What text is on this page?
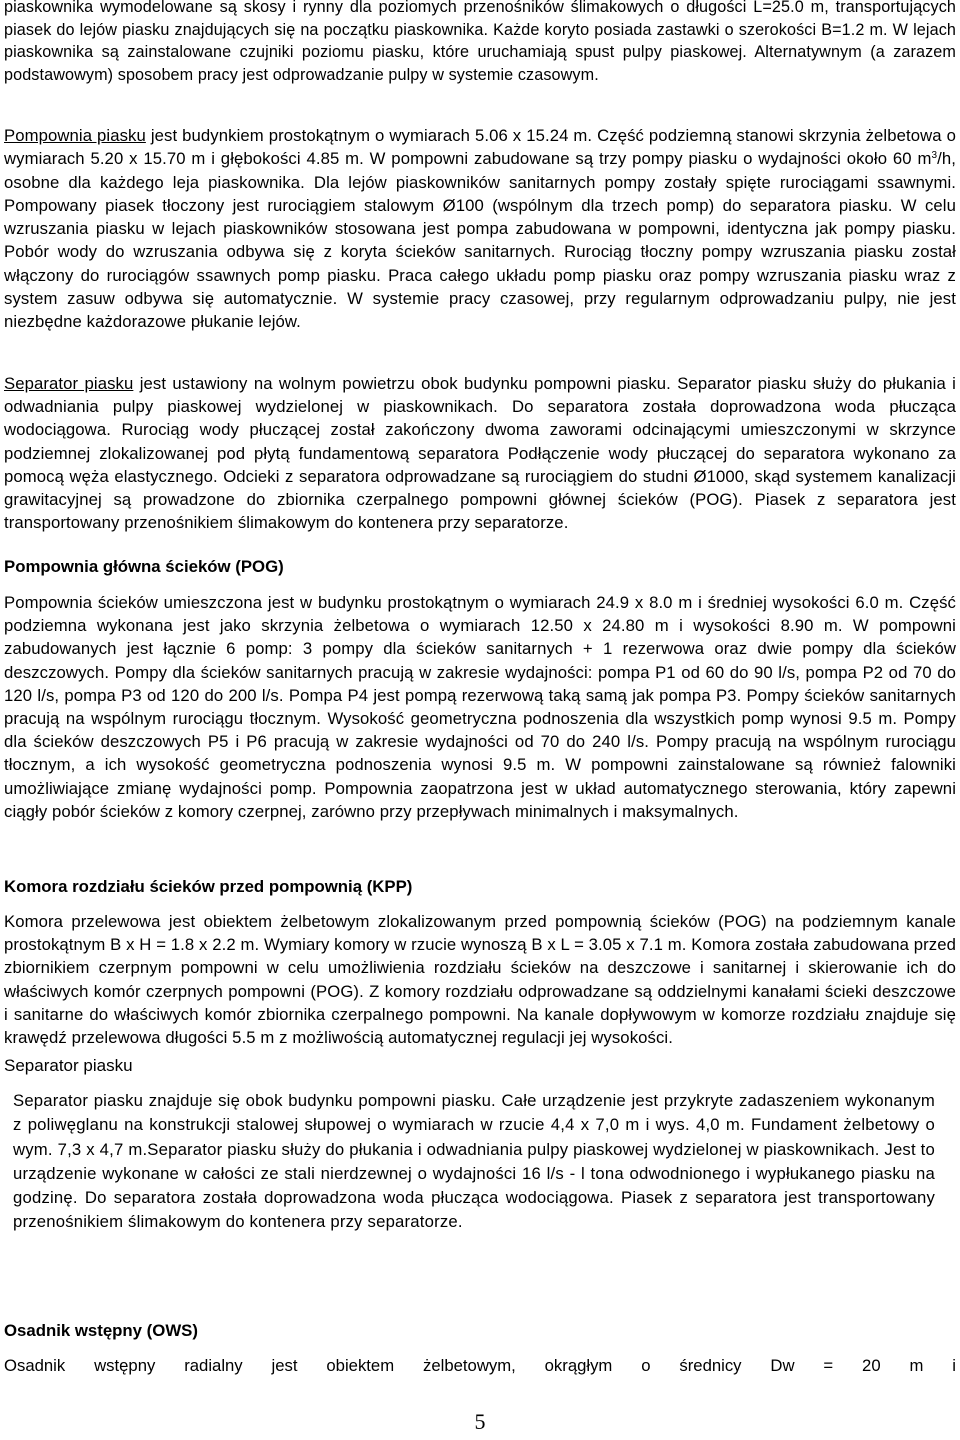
piaskownika wymodelowane są skosy i rynny dla poziomych przenośników ślimakowych o długości L=25.0 m, transportujących piasek do lejów piasku znajdujących się na początku piaskownika. Każde koryto posiada zastawki o szerokości B=1.2 m. W lejach piaskownika są zainstalowane czujniki poziomu piasku, które uruchamiają spust pulpy piaskowej. Alternatywnym (a zarazem podstawowym) sposobem pracy jest odprowadzanie pulpy w systemie czasowym.

Pompownia piasku jest budynkiem prostokątnym o wymiarach 5.06 x 15.24 m. Część podziemną stanowi skrzynia żelbetowa o wymiarach 5.20 x 15.70 m i głębokości 4.85 m. W pompowni zabudowane są trzy pompy piasku o wydajności około 60 $m^3/h$, osobne dla każdego leja piaskownika. Dla lejów piaskowników sanitarnych pompy zostały spięte rurociągami ssawnymi. Pompowany piasek tłoczony jest rurociągiem stalowym Ø100 (wspólnym dla trzech pomp) do separatora piasku. W celu wzruszania piasku w lejach piaskowników stosowana jest pompa zabudowana w pompowni, identyczna jak pompy piasku. Pobór wody do wzruszania odbywa się z koryta ścieków sanitarnych. Rurociąg tłoczny pompy wzruszania piasku został włączony do rurociągów ssawnych pomp piasku. Praca całego układu pomp piasku oraz pompy wzruszania piasku wraz z system zasuw odbywa się automatycznie. W systemie pracy czasowej, przy regularnym odprowadzaniu pulpy, nie jest niezbędne każdorazowe płukanie lejów.

Separator piasku jest ustawiony na wolnym powietrzu obok budynku pompowni piasku. Separator piasku służy do płukania i odwadniania pulpy piaskowej wydzielonej w piaskownikach. Do separatora została doprowadzona woda płucząca wodociągowa. Rurociąg wody płuczącej został zakończony dwoma zaworami odcinającymi umieszczonymi w skrzynce podziemnej zlokalizowanej pod płytą fundamentową separatora Podłączenie wody płuczącej do separatora wykonano za pomocą węża elastycznego. Odcieki z separatora odprowadzane są rurociągiem do studni Ø1000, skąd systemem kanalizacji grawitacyjnej są prowadzone do zbiornika czerpalnego pompowni głównej ścieków (POG). Piasek z separatora jest transportowany przenośnikiem ślimakowym do kontenera przy separatorze.

Pompownia główna ścieków (POG)

Pompownia ścieków umieszczona jest w budynku prostokątnym o wymiarach 24.9 x 8.0 m i średniej wysokości 6.0 m. Część podziemna wykonana jest jako skrzynia żelbetowa o wymiarach 12.50 x 24.80 m i wysokości 8.90 m. W pompowni zabudowanych jest łącznie 6 pomp: 3 pompy dla ścieków sanitarnych + 1 rezerwowa oraz dwie pompy dla ścieków deszczowych. Pompy dla ścieków sanitarnych pracują w zakresie wydajności: pompa P1 od 60 do 90 l/s, pompa P2 od 70 do 120 l/s, pompa P3 od 120 do 200 l/s. Pompa P4 jest pompą rezerwową taką samą jak pompa P3. Pompy ścieków sanitarnych pracują na wspólnym rurociągu tłocznym. Wysokość geometryczna podnoszenia dla wszystkich pomp wynosi 9.5 m. Pompy dla ścieków deszczowych P5 i P6 pracują w zakresie wydajności od 70 do 240 l/s. Pompy pracują na wspólnym rurociągu tłocznym, a ich wysokość geometryczna podnoszenia wynosi 9.5 m. W pompowni zainstalowane są również falowniki umożliwiające zmianę wydajności pomp. Pompownia zaopatrzona jest w układ automatycznego sterowania, który zapewni ciągły pobór ścieków z komory czerpnej, zarówno przy przepływach minimalnych i maksymalnych.

Komora rozdziału ścieków przed pompownią (KPP)

Komora przelewowa jest obiektem żelbetowym zlokalizowanym przed pompownią ścieków (POG) na podziemnym kanale prostokątnym B x H = 1.8 x 2.2 m. Wymiary komory w rzucie wynoszą B x L = 3.05 x 7.1 m. Komora została zabudowana przed zbiornikiem czerpnym pompowni w celu umożliwienia rozdziału ścieków na deszczowe i sanitarnej i skierowanie ich do właściwych komór czerpnych pompowni (POG). Z komory rozdziału odprowadzane są oddzielnymi kanałami ścieki deszczowe i sanitarne do właściwych komór zbiornika czerpalnego pompowni. Na kanale dopływowym w komorze rozdziału znajduje się krawędź przelewowa długości 5.5 m z możliwością automatycznej regulacji jej wysokości.

Separator piasku

Separator piasku znajduje się obok budynku pompowni piasku. Całe urządzenie jest przykryte zadaszeniem wykonanym z poliwęglanu na konstrukcji stalowej słupowej o wymiarach w rzucie 4,4 x 7,0 m i wys. 4,0 m. Fundament żelbetowy o wym. 7,3 x 4,7 m.Separator piasku służy do płukania i odwadniania pulpy piaskowej wydzielonej w piaskownikach. Jest to urządzenie wykonane w całości ze stali nierdzewnej o wydajności 16 l/s - l tona odwodnionego i wypłukanego piasku na godzinę. Do separatora została doprowadzona woda płucząca wodociągowa. Piasek z separatora jest transportowany przenośnikiem ślimakowym do kontenera przy separatorze.

Osadnik wstępny (OWS)

Osadnik wstępny radialny jest obiektem żelbetowym, okrągłym o średnicy Dw = 20 m i

5
